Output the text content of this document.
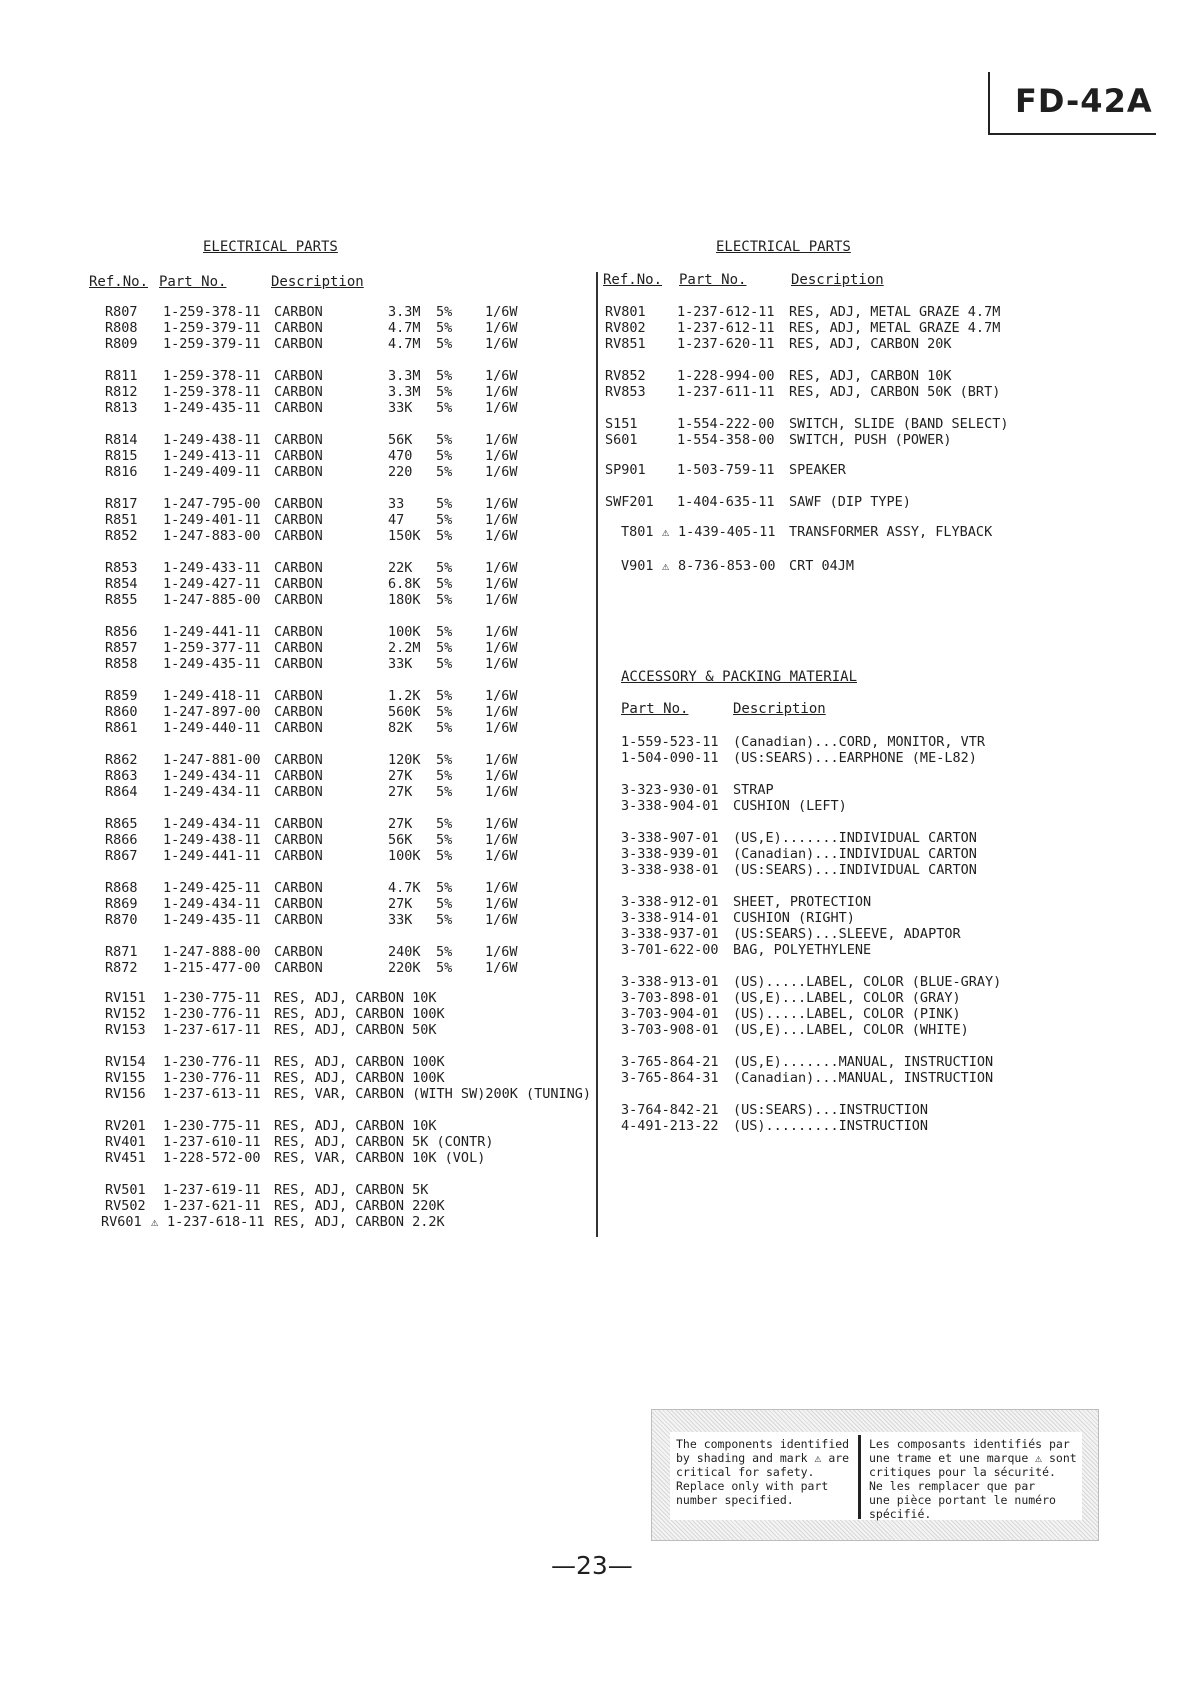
FD-42A
ELECTRICAL PARTS
Ref.No. Part No.	Description
R807 1-259-378-11 CARBON	3.3M 5% 1/6W
R808 1-259-379-11 CARBON	4.7M 5% 1/6W
R809 1-259-379-11 CARBON	4.7M 5% 1/6W
R811 1-259-378-11 CARBON	3.3M 5% 1/6W
R812 1-259-378-11 CARBON	3.3M 5% 1/6W
R813 1-249-435-11 CARBON	33K 5% 1/6W
R814 1-249-438-11 CARBON	56K 5% 1/6W
R815 1-249-413-11 CARBON	470 5% 1/6W
R816 1-249-409-11 CARBON	220 5% 1/6W
R817 1-247-795-00 CARBON	33 5% 1/6W
R851 1-249-401-11 CARBON	47 5% 1/6W
R852 1-247-883-00 CARBON	150K 5% 1/6W
R853 1-249-433-11 CARBON	22K 5% 1/6W
R854 1-249-427-11 CARBON	6.8K 5% 1/6W
R855 1-247-885-00 CARBON	180K 5% 1/6W
R856 1-249-441-11 CARBON	100K 5% 1/6W
R857 1-259-377-11 CARBON	2.2M 5% 1/6W
R858 1-249-435-11 CARBON	33K 5% 1/6W
R859 1-249-418-11 CARBON	1.2K 5% 1/6W
R860 1-247-897-00 CARBON	560K 5% 1/6W
R861 1-249-440-11 CARBON	82K 5% 1/6W
R862 1-247-881-00 CARBON	120K 5% 1/6W
R863 1-249-434-11 CARBON	27K 5% 1/6W
R864 1-249-434-11 CARBON	27K 5% 1/6W
R865 1-249-434-11 CARBON	27K 5% 1/6W
R866 1-249-438-11 CARBON	56K 5% 1/6W
R867 1-249-441-11 CARBON	100K 5% 1/6W
R868 1-249-425-11 CARBON	4.7K 5% 1/6W
R869 1-249-434-11 CARBON	27K 5% 1/6W
R870 1-249-435-11 CARBON	33K 5% 1/6W
R871 1-247-888-00 CARBON	240K 5% 1/6W
R872 1-215-477-00 CARBON	220K 5% 1/6W
RV151 1-230-775-11 RES, ADJ, CARBON 10K
RV152 1-230-776-11 RES, ADJ, CARBON 100K
RV153 1-237-617-11 RES, ADJ, CARBON 50K
RV154 1-230-776-11 RES, ADJ, CARBON 100K
RV155 1-230-776-11 RES, ADJ, CARBON 100K
RV156 1-237-613-11 RES, VAR, CARBON (WITH SW)200K (TUNING)
RV201 1-230-775-11 RES, ADJ, CARBON 10K
RV401 1-237-610-11 RES, ADJ, CARBON 5K (CONTR)
RV451 1-228-572-00 RES, VAR, CARBON 10K (VOL)
RV501 1-237-619-11 RES, ADJ, CARBON 5K
RV502 1-237-621-11 RES, ADJ, CARBON 220K
RV601 ⚠ 1-237-618-11 RES, ADJ, CARBON 2.2K
ELECTRICAL PARTS
Ref.No. Part No.	Description
RV801 1-237-612-11 RES, ADJ, METAL GRAZE 4.7M
RV802 1-237-612-11 RES, ADJ, METAL GRAZE 4.7M
RV851 1-237-620-11 RES, ADJ, CARBON 20K
RV852 1-228-994-00 RES, ADJ, CARBON 10K
RV853 1-237-611-11 RES, ADJ, CARBON 50K (BRT)
S151	1-554-222-00 SWITCH, SLIDE (BAND SELECT)
S601	1-554-358-00 SWITCH, PUSH (POWER)
SP901 1-503-759-11 SPEAKER
SWF201 1-404-635-11 SAWF (DIP TYPE)
T801 ⚠ 1-439-405-11 TRANSFORMER ASSY, FLYBACK
V901 ⚠ 8-736-853-00 CRT 04JM
ACCESSORY & PACKING MATERIAL
Part No.	Description
1-559-523-11 (Canadian)...CORD, MONITOR, VTR
1-504-090-11 (US:SEARS)...EARPHONE (ME-L82)
3-323-930-01 STRAP
3-338-904-01 CUSHION (LEFT)
3-338-907-01 (US,E).......INDIVIDUAL CARTON
3-338-939-01 (Canadian)...INDIVIDUAL CARTON
3-338-938-01 (US:SEARS)...INDIVIDUAL CARTON
3-338-912-01 SHEET, PROTECTION
3-338-914-01 CUSHION (RIGHT)
3-338-937-01 (US:SEARS)...SLEEVE, ADAPTOR
3-701-622-00 BAG, POLYETHYLENE
3-338-913-01 (US).....LABEL, COLOR (BLUE-GRAY)
3-703-898-01 (US,E)...LABEL, COLOR (GRAY)
3-703-904-01 (US).....LABEL, COLOR (PINK)
3-703-908-01 (US,E)...LABEL, COLOR (WHITE)
3-765-864-21 (US,E).......MANUAL, INSTRUCTION
3-765-864-31 (Canadian)...MANUAL, INSTRUCTION
3-764-842-21 (US:SEARS)...INSTRUCTION
4-491-213-22 (US).........INSTRUCTION
The components identified
by shading and mark ⚠ are
critical for safety.
Replace only with part
number specified.
Les composants identifiés par
une trame et une marque ⚠ sont
critiques pour la sécurité.
Ne les remplacer que par
une pièce portant le numéro
spécifié.
—23—
